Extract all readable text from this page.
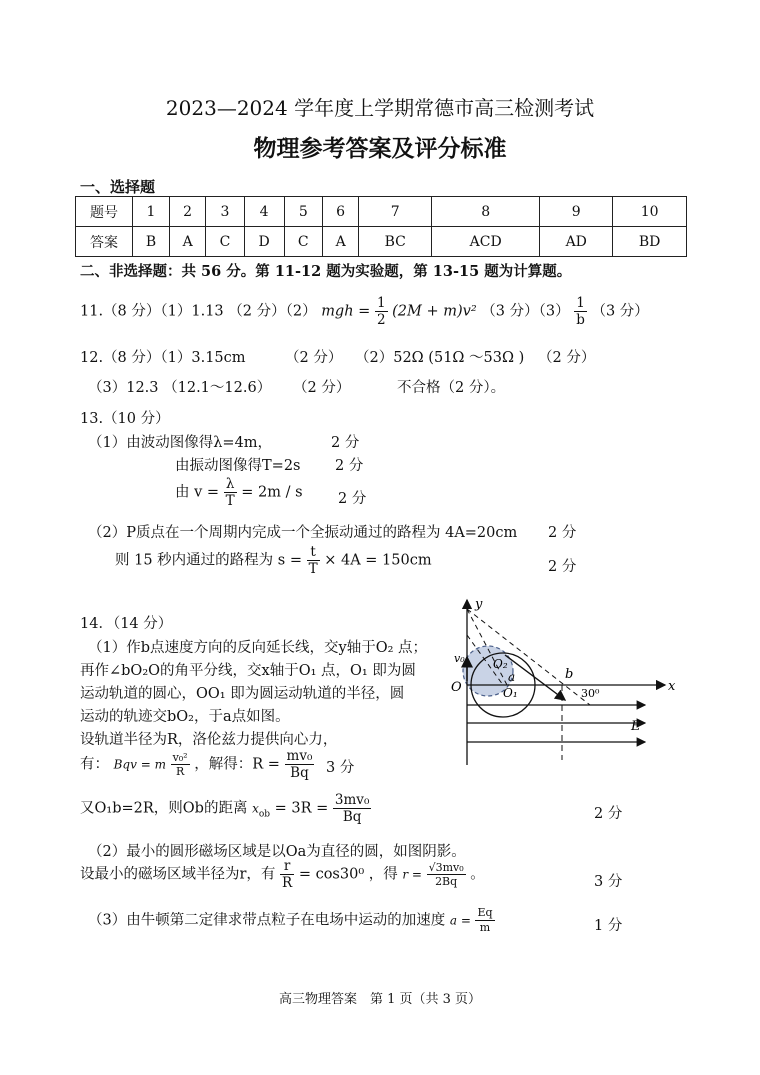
2023—2024 学年度上学期常德市高三检测考试
物理参考答案及评分标准
一、选择题
题号	1	2	3	4	5	6	7	8	9	10
答案	B	A	C	D	C	A	BC	ACD	AD	BD
二、非选择题：共 56 分。第 11-12 题为实验题，第 13-15 题为计算题。
11.（8 分）（1）1.13 （2 分）（2） mgh = $\frac{1}{2} (2M + m)v^2$ （3 分）$(3) \frac{1}{b} (3$ 分）
12.（8 分）（1）3.15cm	（2 分） （2）52Ω (51Ω ～53Ω ) （2 分）
（3）12.3 （12.1～12.6） （2 分）	不合格（2 分）。
13.（10 分）
（1）由波动图像得λ=4m，	2 分
由振动图像得T=2s 2 分
由 $v = \frac{\lambda}{T} = 2m / s$ 2 分
（2）P质点在一个周期内完成一个全振动通过的路程为 4A=20cm 2 分
则 15 秒内通过的路程为 $s = \frac{t}{T} \times 4A = 150cm$	2 分
14．（14 分）
（1）作b点速度方向的反向延长线，交y轴于O₂ 点；
再作∠bO₂O的角平分线，交x轴于O₁ 点，O₁ 即为圆
运动轨道的圆心，OO₁ 即为圆运动轨道的半径，圆
运动的轨迹交bO₂，于a点如图。
设轨道半径为R，洛伦兹力提供向心力，
有： Bqv = m $\frac{\text{v₀²}}{R}$ ，解得：$R = \frac{\text{mv₀}}{Bq} 3$ 分
又O₁b=2R，则Ob的距离 $x_{ob} = 3R = \frac{\text{3mv₀}}{Bq}$	2 分
（2）最小的圆形磁场区域是以Oa为直径的圆，如图阴影。
设最小的磁场区域半径为r，有 $\frac{r}{R} = \cos 30^0$ ，得 $r = \frac{\text{√3mv₀}}{2Bq}$ 。	3 分
（3）由牛顿第二定律求带点粒子在电场中运动的加速度 $a = \frac{Eq}{m}$	1 分
y
x
O
v₀ O₂
O₁
a	b
30⁰
E
高三物理答案　第 1 页（共 3 页）
